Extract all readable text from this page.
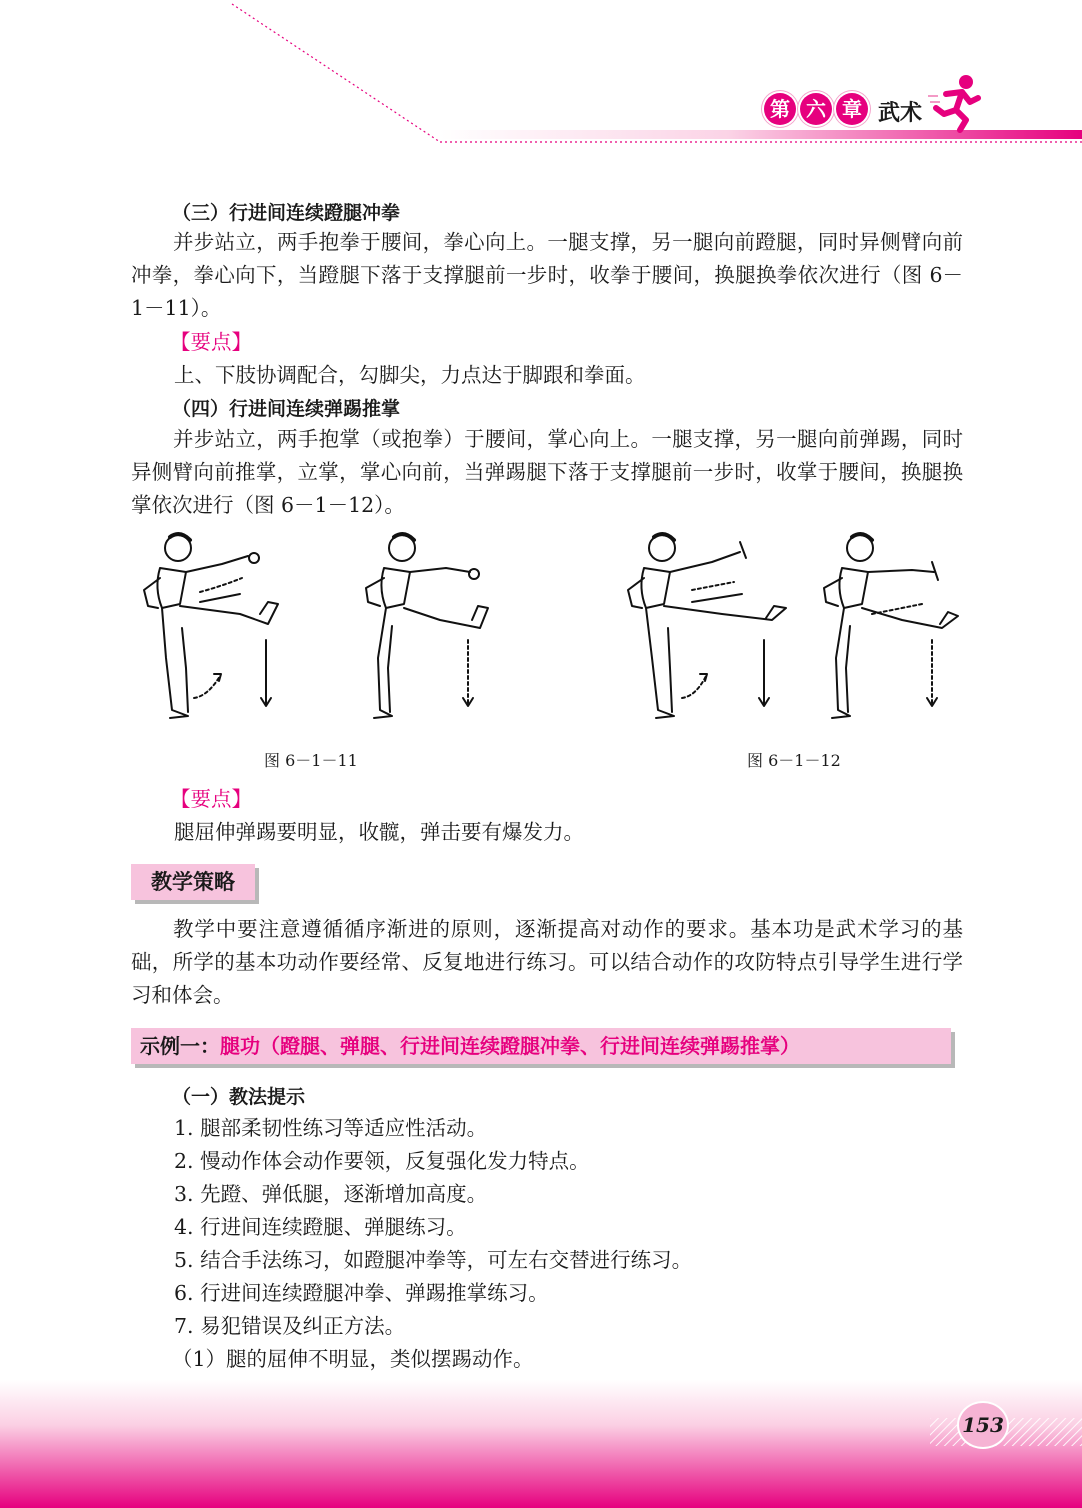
第 六 章 武术
（三）行进间连续蹬腿冲拳
并步站立，两手抱拳于腰间，拳心向上。一腿支撑，另一腿向前蹬腿，同时异侧臂向前冲拳，拳心向下，当蹬腿下落于支撑腿前一步时，收拳于腰间，换腿换拳依次进行（图 6－1－11）。
【要点】
上、下肢协调配合，勾脚尖，力点达于脚跟和拳面。
（四）行进间连续弹踢推掌
并步站立，两手抱掌（或抱拳）于腰间，掌心向上。一腿支撑，另一腿向前弹踢，同时异侧臂向前推掌，立掌，掌心向前，当弹踢腿下落于支撑腿前一步时，收掌于腰间，换腿换掌依次进行（图 6－1－12）。
图 6－1－11	图 6－1－12
【要点】
腿屈伸弹踢要明显，收髋，弹击要有爆发力。
教学策略
教学中要注意遵循循序渐进的原则，逐渐提高对动作的要求。基本功是武术学习的基础，所学的基本功动作要经常、反复地进行练习。可以结合动作的攻防特点引导学生进行学习和体会。
示例一：腿功（蹬腿、弹腿、行进间连续蹬腿冲拳、行进间连续弹踢推掌）
（一）教法提示
1. 腿部柔韧性练习等适应性活动。
2. 慢动作体会动作要领，反复强化发力特点。
3. 先蹬、弹低腿，逐渐增加高度。
4. 行进间连续蹬腿、弹腿练习。
5. 结合手法练习，如蹬腿冲拳等，可左右交替进行练习。
6. 行进间连续蹬腿冲拳、弹踢推掌练习。
7. 易犯错误及纠正方法。
（1）腿的屈伸不明显，类似摆踢动作。
153
